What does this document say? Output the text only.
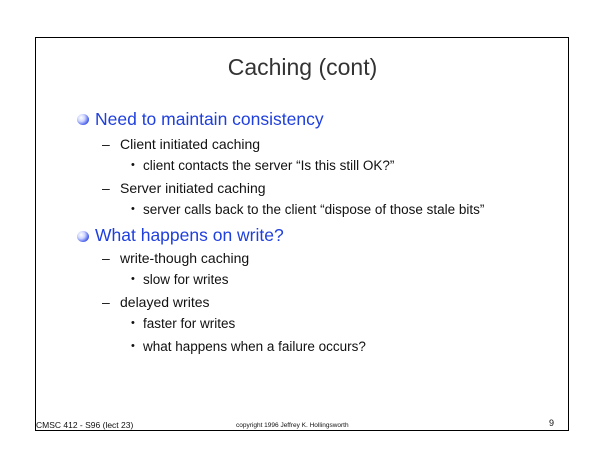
Caching (cont)
Need to maintain consistency
– Client initiated caching
• client contacts the server “Is this still OK?”
– Server initiated caching
• server calls back to the client “dispose of those stale bits”
What happens on write?
– write-though caching
• slow for writes
– delayed writes
• faster for writes
• what happens when a failure occurs?
CMSC 412 - S96 (lect 23)	copyright 1996 Jeffrey K. Hollingsworth	9
